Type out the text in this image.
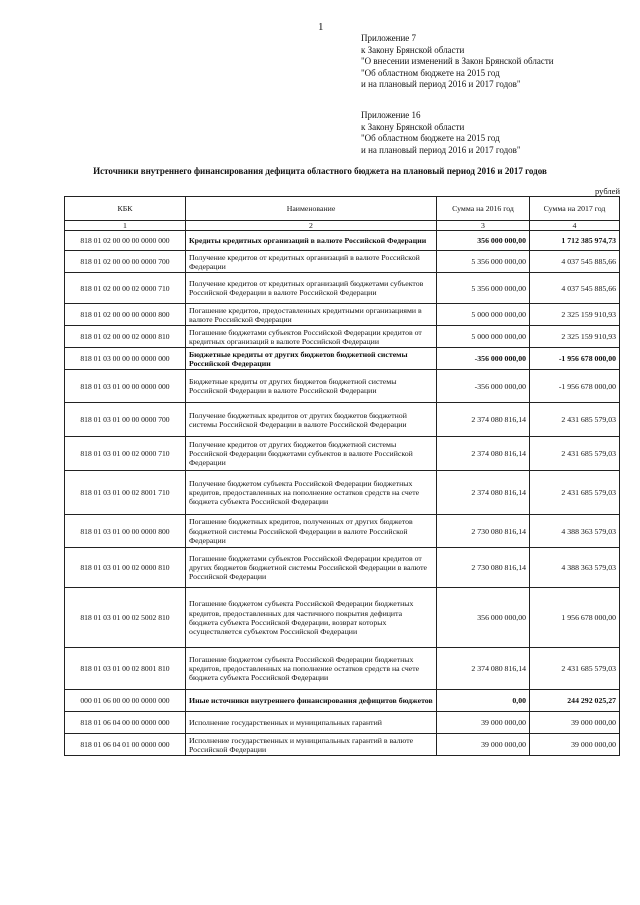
1
Приложение 7
к Закону Брянской области
"О внесении изменений в Закон Брянской области
"Об областном бюджете на 2015 год
и на плановый период 2016 и 2017 годов"
Приложение 16
к Закону Брянской области
"Об областном бюджете на 2015 год
и на плановый период 2016 и 2017 годов"
Источники внутреннего финансирования дефицита областного бюджета на плановый период 2016 и 2017 годов
рублей
КБК	Наименование	Сумма на 2016 год	Сумма на 2017 год
1	2	3	4
818 01 02 00 00 00 0000 000	Кредиты кредитных организаций в валюте Российской Федерации	356 000 000,00	1 712 385 974,73
818 01 02 00 00 00 0000 700	Получение кредитов от кредитных организаций в валюте Российской Федерации	5 356 000 000,00	4 037 545 885,66
818 01 02 00 00 02 0000 710	Получение кредитов от кредитных организаций бюджетами субъектов Российской Федерации в валюте Российской Федерации	5 356 000 000,00	4 037 545 885,66
818 01 02 00 00 00 0000 800	Погашение кредитов, предоставленных кредитными организациями в валюте Российской Федерации	5 000 000 000,00	2 325 159 910,93
818 01 02 00 00 02 0000 810	Погашение бюджетами субъектов Российской Федерации кредитов от кредитных организаций в валюте Российской Федерации	5 000 000 000,00	2 325 159 910,93
818 01 03 00 00 00 0000 000	Бюджетные кредиты от других бюджетов бюджетной системы Российской Федерации	-356 000 000,00	-1 956 678 000,00
818 01 03 01 00 00 0000 000	Бюджетные кредиты от других бюджетов бюджетной системы Российской Федерации в валюте Российской Федерации	-356 000 000,00	-1 956 678 000,00
818 01 03 01 00 00 0000 700	Получение бюджетных кредитов от других бюджетов бюджетной системы Российской Федерации в валюте Российской Федерации	2 374 080 816,14	2 431 685 579,03
818 01 03 01 00 02 0000 710	Получение кредитов от других бюджетов бюджетной системы Российской Федерации бюджетами субъектов в валюте Российской Федерации	2 374 080 816,14	2 431 685 579,03
818 01 03 01 00 02 8001 710	Получение бюджетом субъекта Российской Федерации бюджетных кредитов, предоставленных на пополнение остатков средств на счете бюджета субъекта Российской Федерации	2 374 080 816,14	2 431 685 579,03
818 01 03 01 00 00 0000 800	Погашение бюджетных кредитов, полученных от других бюджетов бюджетной системы Российской Федерации в валюте Российской Федерации	2 730 080 816,14	4 388 363 579,03
818 01 03 01 00 02 0000 810	Погашение бюджетами субъектов Российской Федерации кредитов от других бюджетов бюджетной системы Российской Федерации в валюте Российской Федерации	2 730 080 816,14	4 388 363 579,03
818 01 03 01 00 02 5002 810	Погашение бюджетом субъекта Российской Федерации бюджетных кредитов, предоставленных для частичного покрытия дефицита бюджета субъекта Российской Федерации, возврат которых осуществляется субъектом Российской Федерации	356 000 000,00	1 956 678 000,00
818 01 03 01 00 02 8001 810	Погашение бюджетом субъекта Российской Федерации бюджетных кредитов, предоставленных на пополнение остатков средств на счете бюджета субъекта Российской Федерации	2 374 080 816,14	2 431 685 579,03
000 01 06 00 00 00 0000 000	Иные источники внутреннего финансирования дефицитов бюджетов	0,00	244 292 025,27
818 01 06 04 00 00 0000 000	Исполнение государственных и муниципальных гарантий	39 000 000,00	39 000 000,00
818 01 06 04 01 00 0000 000	Исполнение государственных и муниципальных гарантий в валюте Российской Федерации	39 000 000,00	39 000 000,00
